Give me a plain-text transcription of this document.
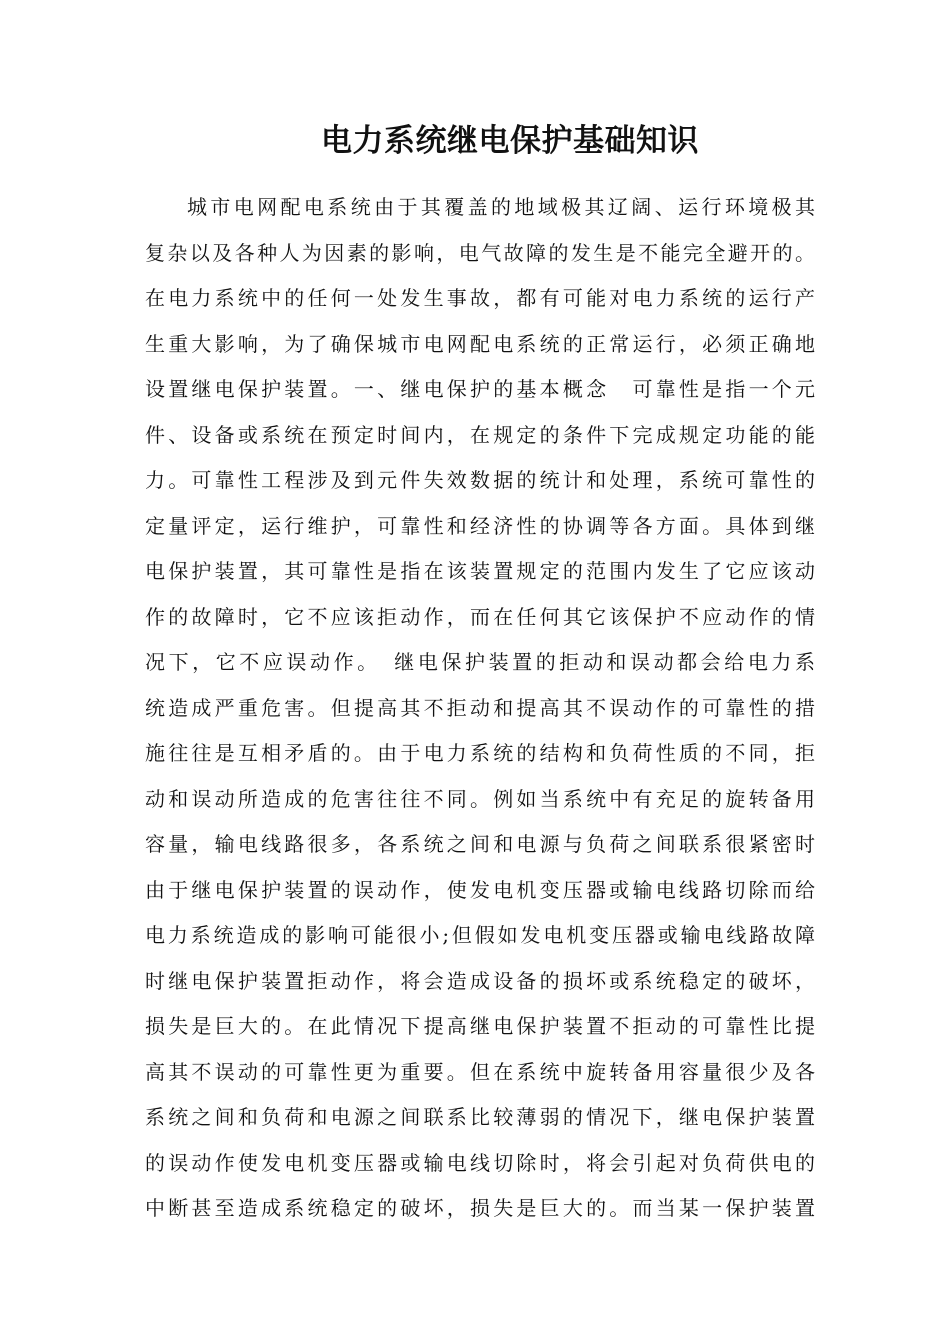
电力系统继电保护基础知识
城市电网配电系统由于其覆盖的地域极其辽阔、运行环境极其
复杂以及各种人为因素的影响，电气故障的发生是不能完全避开的。
在电力系统中的任何一处发生事故，都有可能对电力系统的运行产
生重大影响，为了确保城市电网配电系统的正常运行，必须正确地
设置继电保护装置。一、继电保护的基本概念　可靠性是指一个元
件、设备或系统在预定时间内，在规定的条件下完成规定功能的能
力。可靠性工程涉及到元件失效数据的统计和处理，系统可靠性的
定量评定，运行维护，可靠性和经济性的协调等各方面。具体到继
电保护装置，其可靠性是指在该装置规定的范围内发生了它应该动
作的故障时，它不应该拒动作，而在任何其它该保护不应动作的情
况下，它不应误动作。　继电保护装置的拒动和误动都会给电力系
统造成严重危害。但提高其不拒动和提高其不误动作的可靠性的措
施往往是互相矛盾的。由于电力系统的结构和负荷性质的不同，拒
动和误动所造成的危害往往不同。例如当系统中有充足的旋转备用
容量，输电线路很多，各系统之间和电源与负荷之间联系很紧密时
由于继电保护装置的误动作，使发电机变压器或输电线路切除而给
电力系统造成的影响可能很小;但假如发电机变压器或输电线路故障
时继电保护装置拒动作，将会造成设备的损坏或系统稳定的破坏，
损失是巨大的。在此情况下提高继电保护装置不拒动的可靠性比提
高其不误动的可靠性更为重要。但在系统中旋转备用容量很少及各
系统之间和负荷和电源之间联系比较薄弱的情况下，继电保护装置
的误动作使发电机变压器或输电线切除时，将会引起对负荷供电的
中断甚至造成系统稳定的破坏，损失是巨大的。而当某一保护装置
